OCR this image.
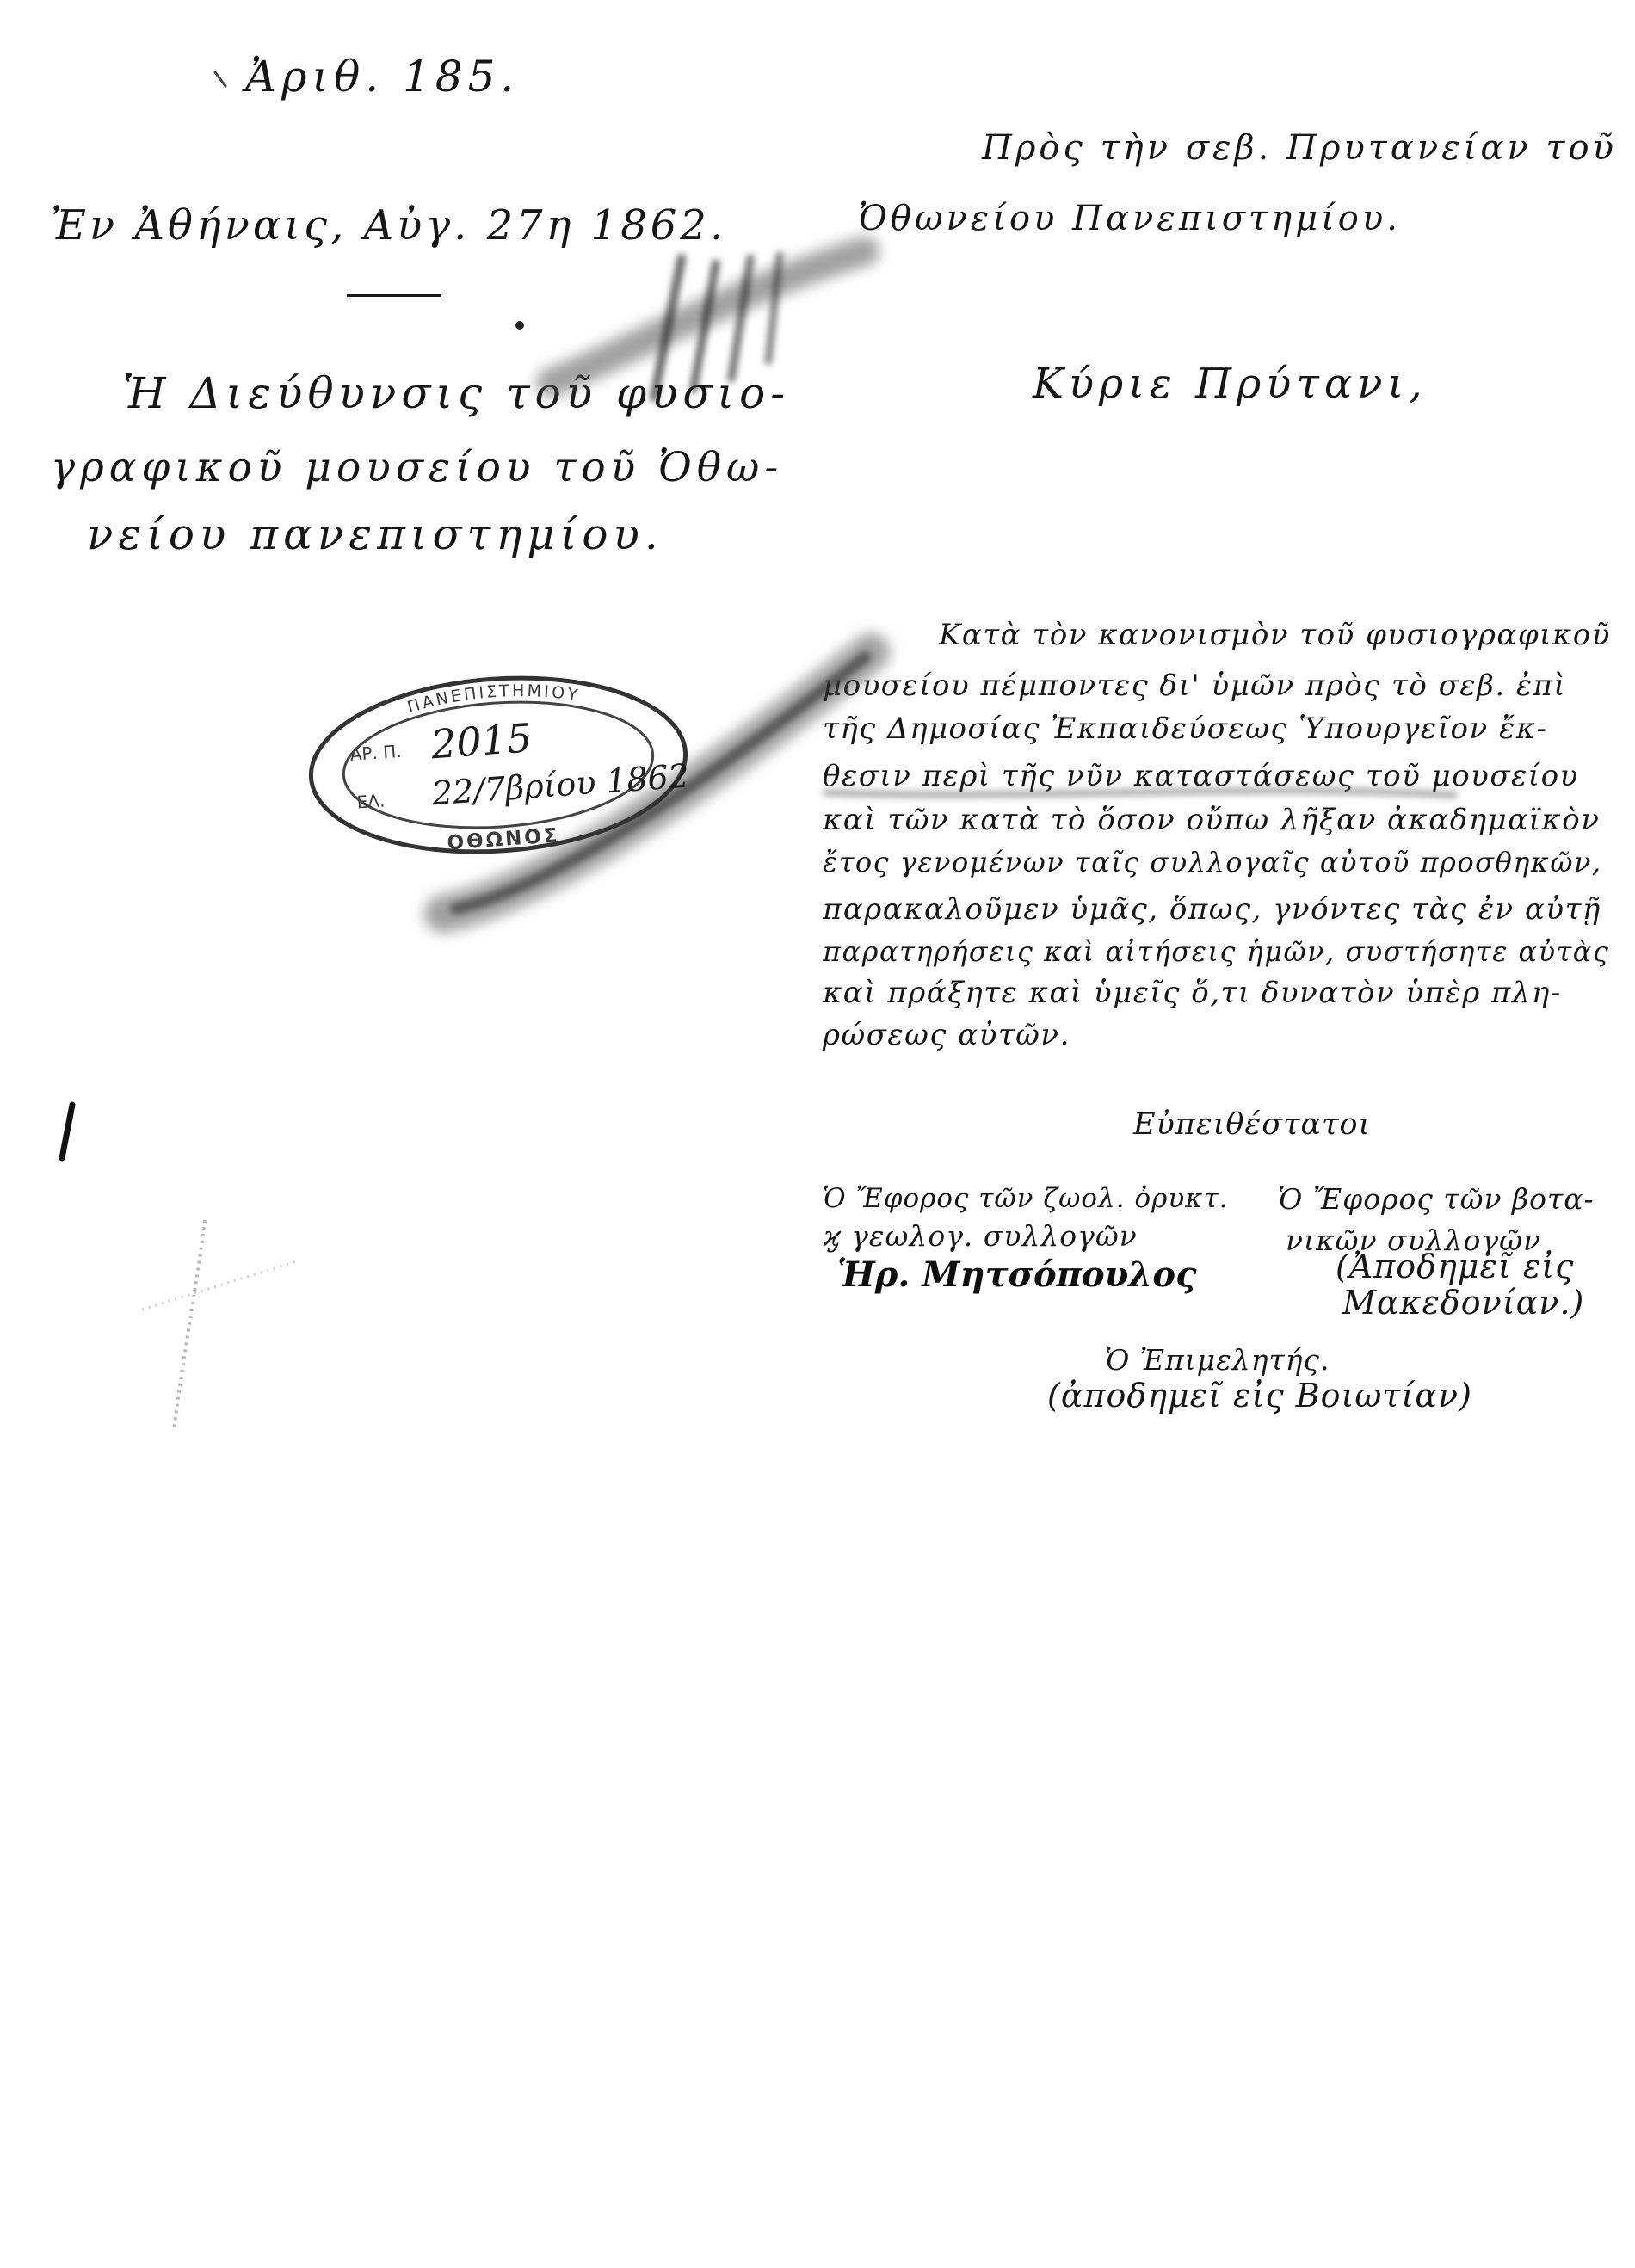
Ἀριθ. 185.
Πρὸς τὴν σεβ. Πρυτανείαν τοῦ
Ὀθωνείου Πανεπιστημίου.
Ἐν Ἀθήναις, Αὐγ. 27η 1862.
Ἡ Διεύθυνσις τοῦ φυσιο-
γραφικοῦ μουσείου τοῦ Ὀθω-
νείου πανεπιστημίου.
Κύριε Πρύτανι,
Κατὰ τὸν κανονισμὸν τοῦ φυσιογραφικοῦ
μουσείου πέμποντες δι' ὑμῶν πρὸς τὸ σεβ. ἐπὶ
τῆς Δημοσίας Ἐκπαιδεύσεως Ὑπουργεῖον ἔκ-
θεσιν περὶ τῆς νῦν καταστάσεως τοῦ μουσείου
καὶ τῶν κατὰ τὸ ὅσον οὔπω λῆξαν ἀκαδημαϊκὸν
ἔτος γενομένων ταῖς συλλογαῖς αὐτοῦ προσθηκῶν,
παρακαλοῦμεν ὑμᾶς, ὅπως, γνόντες τὰς ἐν αὐτῇ
παρατηρήσεις καὶ αἰτήσεις ἡμῶν, συστήσητε αὐτὰς
καὶ πράξητε καὶ ὑμεῖς ὅ,τι δυνατὸν ὑπὲρ πλη-
ρώσεως αὐτῶν.
Εὐπειθέστατοι
Ὁ Ἔφορος τῶν ζωολ. ὀρυκτ.
ϗ γεωλογ. συλλογῶν
Ἡρ. Μητσόπουλος
Ὁ Ἔφορος τῶν βοτα-
νικῶν συλλογῶν
(Ἀποδημεῖ εἰς
Μακεδονίαν.)
Ὁ Ἐπιμελητής.
(ἀποδημεῖ εἰς Βοιωτίαν)
ΠΑΝΕΠΙΣΤΗΜΙΟΥ
ΑΡ. Π. 2015
ΕΛ. 22/7βρίου 1862
ΟΘΩΝΟΣ
